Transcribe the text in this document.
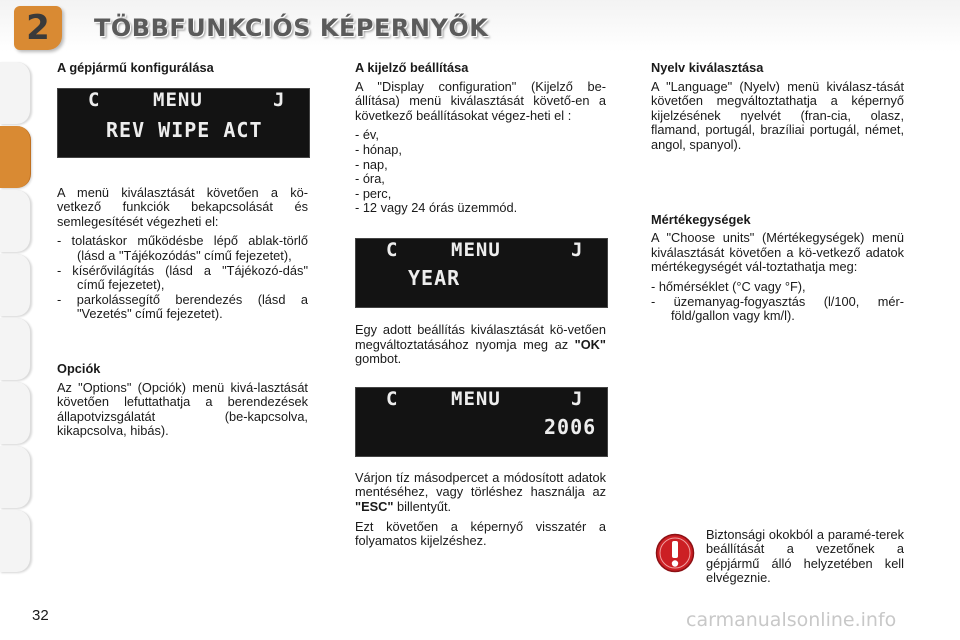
2 TÖBBFUNKCIÓS KÉPERNYŐK
A gépjármű konfigurálása
C	MENU	J
REV WIPE ACT

A menü kiválasztását követően a kö-vetkező funkciók bekapcsolását és semlegesítését végezheti el:

- tolatáskor működésbe lépő ablak-törlő (lásd a "Tájékozódás" című fejezetet),
- kísérővilágítás (lásd a "Tájékozó-dás" című fejezetet),
- parkolássegítő berendezés (lásd a "Vezetés" című fejezetet).
Opciók

Az "Options" (Opciók) menü kivá-lasztását követően lefuttathatja a berendezések állapotvizsgálatát (be-kapcsolva, kikapcsolva, hibás).

A kijelző beállítása

A "Display configuration" (Kijelző be-állítása) menü kiválasztását követő-en a következő beállításokat végez-heti el :

- év,
- hónap,
- nap,
- óra,
- perc,
- 12 vagy 24 órás üzemmód.
C	MENU	J
YEAR

Egy adott beállítás kiválasztását kö-vetően megváltoztatásához nyomja meg az "OK" gombot.

C	MENU	J
2006

Várjon tíz másodpercet a módosított adatok mentéséhez, vagy törléshez használja az "ESC" billentyűt.

Ezt követően a képernyő visszatér a folyamatos kijelzéshez.

Nyelv kiválasztása

A "Language" (Nyelv) menü kiválasz-tását követően megváltoztathatja a képernyő kijelzésének nyelvét (fran-cia, olasz, flamand, portugál, brazíliai portugál, német, angol, spanyol).

Mértékegységek

A "Choose units" (Mértékegységek) menü kiválasztását követően a kö-vetkező adatok mértékegységét vál-toztathatja meg:

- hőmérséklet (°C vagy °F),
- üzemanyag-fogyasztás (l/100, mér-föld/gallon vagy km/l).
Biztonsági okokból a paramé-terek beállítását a vezetőnek a gépjármű álló helyzetében kell elvégeznie.
32	carmanualsonline.info
